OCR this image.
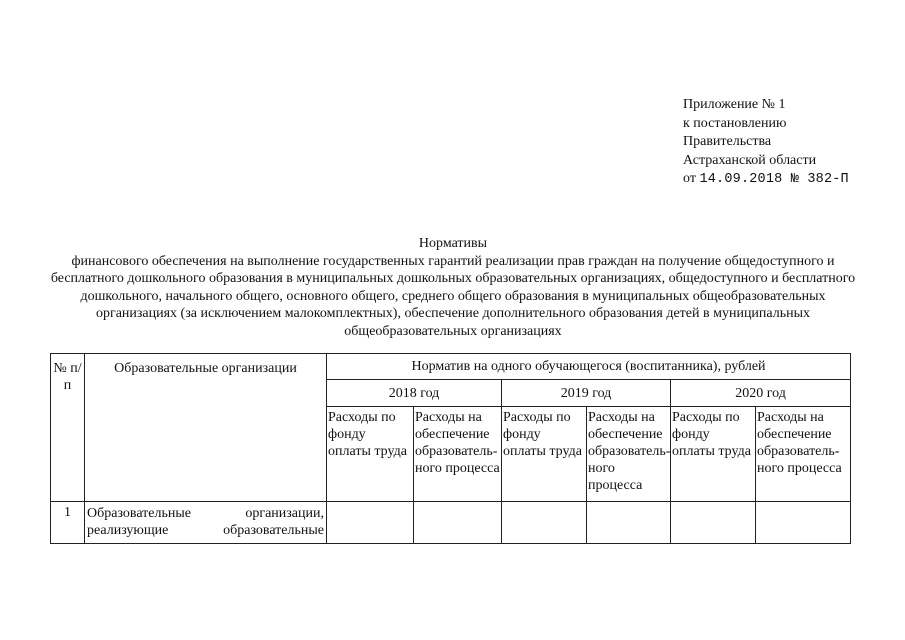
Приложение № 1
к постановлению
Правительства
Астраханской области
от 14.09.2018 № 382-П
Нормативы
финансового обеспечения на выполнение государственных гарантий реализации прав граждан на получение общедоступного и бесплатного дошкольного образования в муниципальных дошкольных образовательных организациях, общедоступного и бесплатного дошкольного, начального общего, основного общего, среднего общего образования в муниципальных общеобразовательных организациях (за исключением малокомплектных), обеспечение дополнительного образования детей в муниципальных общеобразовательных организациях
№ п/п	Образовательные организации	Норматив на одного обучающегося (воспитанника), рублей					
		2018 год		2019 год		2020 год	
		Расходы по фонду оплаты труда	Расходы на обеспечение образователь-ного процесса	Расходы по фонду оплаты труда	Расходы на обеспечение образователь-ного процесса	Расходы по фонду оплаты труда	Расходы на обеспечение образователь-ного процесса
1	Образовательные организации,
реализующие образовательные						
